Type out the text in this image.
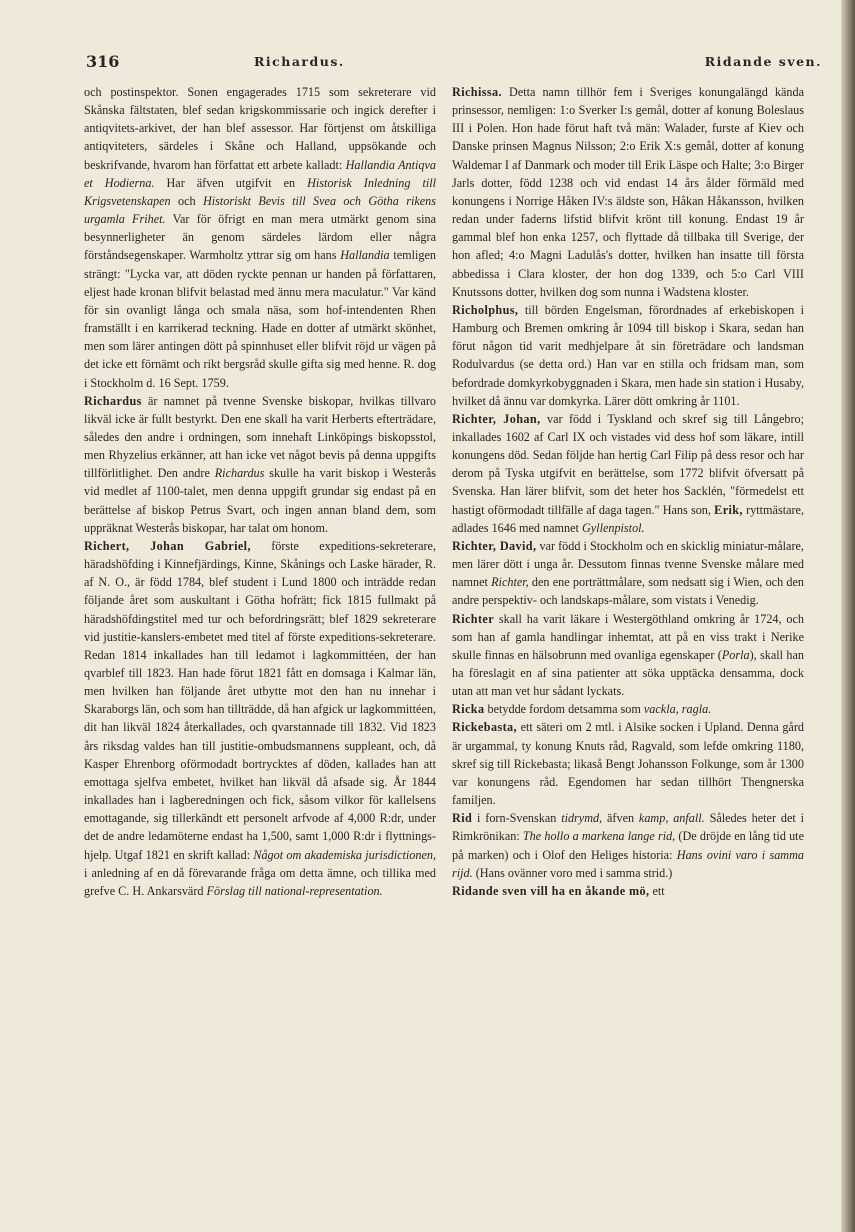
316	Richardus.	Ridande sven.

och postinspektor. Sonen engagerades 1715 som sekreterare vid Skånska fältstaten, blef sedan krigskommissarie och ingick derefter i antiqvitets-arkivet, der han blef assessor. Har förtjenst om åtskilliga antiqviteters, särdeles i Skåne och Halland, uppsökande och beskrifvande, hvarom han författat ett arbete kalladt: Hallandia Antiqva et Hodierna. Har äfven utgifvit en Historisk Inledning till Krigsvetenskapen och Historiskt Bevis till Svea och Götha rikens urgamla Frihet. Var för öfrigt en man mera utmärkt genom sina besynnerligheter än genom särdeles lärdom eller några förståndsegenskaper. Warmholtz yttrar sig om hans Hallandia temligen strängt: "Lycka var, att döden ryckte pennan ur handen på författaren, eljest hade kronan blifvit belastad med ännu mera maculatur." Var känd för sin ovanligt långa och smala näsa, som hof-intendenten Rhen framställt i en karrikerad teckning. Hade en dotter af utmärkt skönhet, men som lärer antingen dött på spinnhuset eller blifvit röjd ur vägen på det icke ett förnämt och rikt bergsråd skulle gifta sig med henne. R. dog i Stockholm d. 16 Sept. 1759.

Richardus är namnet på tvenne Svenske biskopar, hvilkas tillvaro likväl icke är fullt bestyrkt. Den ene skall ha varit Herberts efterträdare, således den andre i ordningen, som innehaft Linköpings biskopsstol, men Rhyzelius erkänner, att han icke vet något bevis på denna uppgifts tillförlitlighet. Den andre Richardus skulle ha varit biskop i Westerås vid medlet af 1100-talet, men denna uppgift grundar sig endast på en berättelse af biskop Petrus Svart, och ingen annan bland dem, som uppräknat Westerås biskopar, har talat om honom.

Richert, Johan Gabriel, förste expeditions-sekreterare, häradshöfding i Kinnefjärdings, Kinne, Skånings och Laske härader, R. af N. O., är född 1784, blef student i Lund 1800 och inträdde redan följande året som auskultant i Götha hofrätt; fick 1815 fullmakt på häradshöfdingstitel med tur och befordringsrätt; blef 1829 sekreterare vid justitie-kanslers-embetet med titel af förste expeditions-sekreterare. Redan 1814 inkallades han till ledamot i lagkommittéen, der han qvarblef till 1823. Han hade förut 1821 fått en domsaga i Kalmar län, men hvilken han följande året utbytte mot den han nu innehar i Skaraborgs län, och som han tillträdde, då han afgick ur lagkommittéen, dit han likväl 1824 återkallades, och qvarstannade till 1832. Vid 1823 års riksdag valdes han till justitie-ombudsmannens suppleant, och, då Kasper Ehrenborg oförmodadt bortrycktes af döden, kallades han att emottaga sjelfva embetet, hvilket han likväl då afsade sig. År 1844 inkallades han i lagberedningen och fick, såsom vilkor för kallelsens emottagande, sig tillerkändt ett personelt arfvode af 4,000 R:dr, under det de andre ledamöterne endast ha 1,500, samt 1,000 R:dr i flyttnings-hjelp. Utgaf 1821 en skrift kallad: Något om akademiska jurisdictionen, i anledning af en då förevarande fråga om detta ämne, och tillika med grefve C. H. Ankarsvärd Förslag till national-representation.

Richissa. Detta namn tillhör fem i Sveriges konungalängd kända prinsessor, nemligen: 1:o Sverker I:s gemål, dotter af konung Boleslaus III i Polen. Hon hade förut haft två män: Walader, furste af Kiev och Danske prinsen Magnus Nilsson; 2:o Erik X:s gemål, dotter af konung Waldemar I af Danmark och moder till Erik Läspe och Halte; 3:o Birger Jarls dotter, född 1238 och vid endast 14 års ålder förmäld med konungens i Norrige Håken IV:s äldste son, Håkan Håkansson, hvilken redan under faderns lifstid blifvit krönt till konung. Endast 19 år gammal blef hon enka 1257, och flyttade då tillbaka till Sverige, der hon afled; 4:o Magni Ladulås's dotter, hvilken han insatte till första abbedissa i Clara kloster, der hon dog 1339, och 5:o Carl VIII Knutssons dotter, hvilken dog som nunna i Wadstena kloster.

Richolphus, till börden Engelsman, förordnades af erkebiskopen i Hamburg och Bremen omkring år 1094 till biskop i Skara, sedan han förut någon tid varit medhjelpare åt sin företrädare och landsman Rodulvardus (se detta ord.) Han var en stilla och fridsam man, som befordrade domkyrkobyggnaden i Skara, men hade sin station i Husaby, hvilket då ännu var domkyrka. Lärer dött omkring år 1101.

Richter, Johan, var född i Tyskland och skref sig till Långebro; inkallades 1602 af Carl IX och vistades vid dess hof som läkare, intill konungens död. Sedan följde han hertig Carl Filip på dess resor och har derom på Tyska utgifvit en berättelse, som 1772 blifvit öfversatt på Svenska. Han lärer blifvit, som det heter hos Sacklén, "förmedelst ett hastigt oförmodadt tillfälle af daga tagen." Hans son, Erik, ryttmästare, adlades 1646 med namnet Gyllenpistol.

Richter, David, var född i Stockholm och en skicklig miniatur-målare, men lärer dött i unga år. Dessutom finnas tvenne Svenske målare med namnet Richter, den ene porträttmålare, som nedsatt sig i Wien, och den andre perspektiv- och landskaps-målare, som vistats i Venedig.

Richter skall ha varit läkare i Westergöthland omkring år 1724, och som han af gamla handlingar inhemtat, att på en viss trakt i Nerike skulle finnas en hälsobrunn med ovanliga egenskaper (Porla), skall han ha föreslagit en af sina patienter att söka upptäcka densamma, dock utan att man vet hur sådant lyckats.

Ricka betydde fordom detsamma som vackla, ragla.

Rickebasta, ett säteri om 2 mtl. i Alsike socken i Upland. Denna gård är urgammal, ty konung Knuts råd, Ragvald, som lefde omkring 1180, skref sig till Rickebasta; likaså Bengt Johansson Folkunge, som år 1300 var konungens råd. Egendomen har sedan tillhört Thengnerska familjen.

Rid i forn-Svenskan tidrymd, äfven kamp, anfall. Således heter det i Rimkrönikan: The hollo a markena lange rid, (De dröjde en lång tid ute på marken) och i Olof den Heliges historia: Hans ovini varo i samma rijd. (Hans ovänner voro med i samma strid.)

Ridande sven vill ha en åkande mö, ett
